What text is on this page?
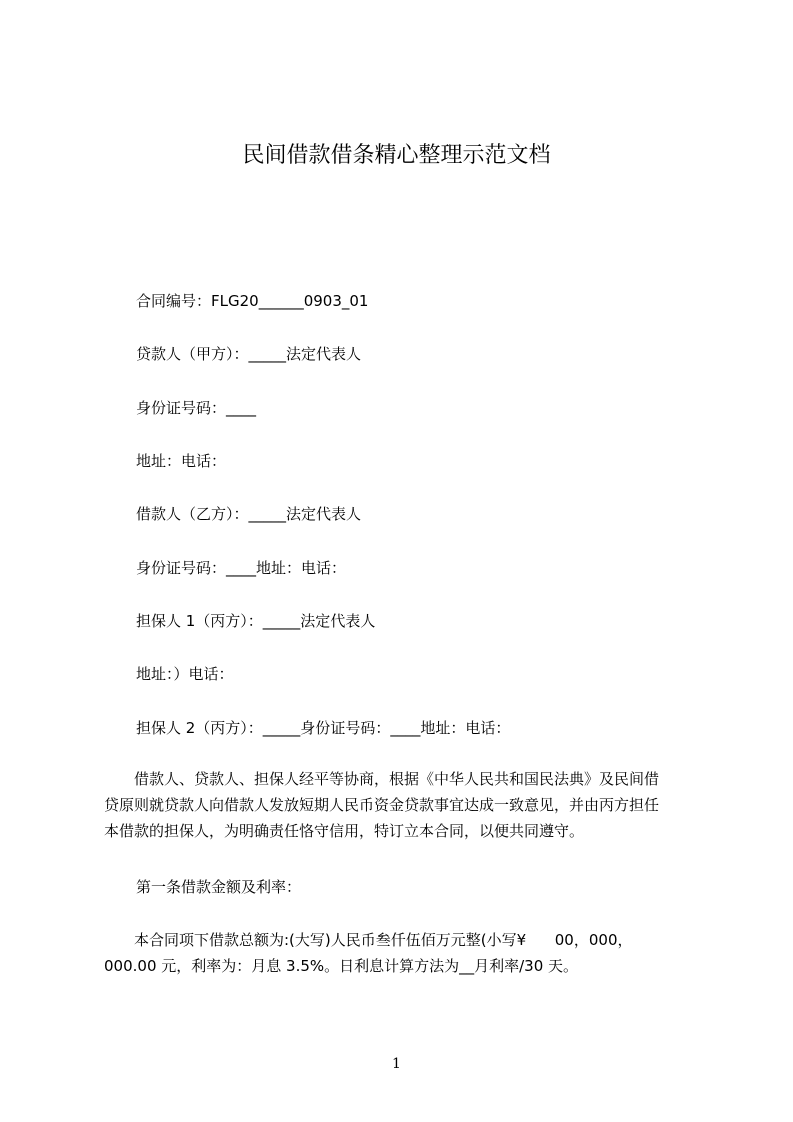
民间借款借条精心整理示范文档
合同编号：FLG20______0903_01
贷款人（甲方）：_____法定代表人
身份证号码：____
地址：电话：
借款人（乙方）：_____法定代表人
身份证号码：____地址：电话：
担保人 1（丙方）：_____法定代表人
地址：）电话：
担保人 2（丙方）：_____身份证号码：____地址：电话：
借款人、贷款人、担保人经平等协商，根据《中华人民共和国民法典》及民间借
贷原则就贷款人向借款人发放短期人民币资金贷款事宜达成一致意见，并由丙方担任
本借款的担保人，为明确责任恪守信用，特订立本合同，以便共同遵守。
第一条借款金额及利率：
本合同项下借款总额为:(大写)人民币叁仟伍佰万元整(小写¥      00，000，
000.00 元，利率为：月息 3.5%。日利息计算方法为__月利率/30 天。
1
